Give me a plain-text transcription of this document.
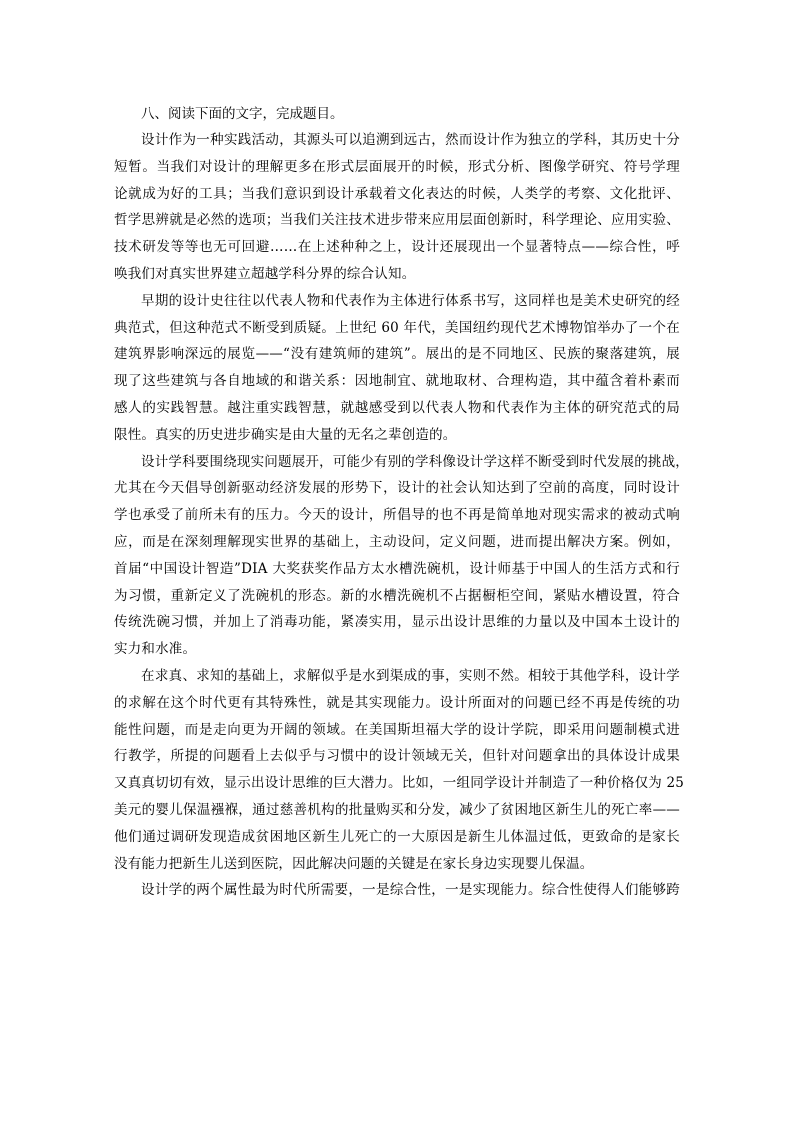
八、阅读下面的文字，完成题目。

设计作为一种实践活动，其源头可以追溯到远古，然而设计作为独立的学科，其历史十分
短暂。当我们对设计的理解更多在形式层面展开的时候，形式分析、图像学研究、符号学理
论就成为好的工具；当我们意识到设计承载着文化表达的时候，人类学的考察、文化批评、
哲学思辨就是必然的选项；当我们关注技术进步带来应用层面创新时，科学理论、应用实验、
技术研发等等也无可回避……在上述种种之上，设计还展现出一个显著特点——综合性，呼
唤我们对真实世界建立超越学科分界的综合认知。

早期的设计史往往以代表人物和代表作为主体进行体系书写，这同样也是美术史研究的经
典范式，但这种范式不断受到质疑。上世纪 60 年代，美国纽约现代艺术博物馆举办了一个在
建筑界影响深远的展览——“没有建筑师的建筑”。展出的是不同地区、民族的聚落建筑，展
现了这些建筑与各自地域的和谐关系：因地制宜、就地取材、合理构造，其中蕴含着朴素而
感人的实践智慧。越注重实践智慧，就越感受到以代表人物和代表作为主体的研究范式的局
限性。真实的历史进步确实是由大量的无名之辈创造的。

设计学科要围绕现实问题展开，可能少有别的学科像设计学这样不断受到时代发展的挑战，
尤其在今天倡导创新驱动经济发展的形势下，设计的社会认知达到了空前的高度，同时设计
学也承受了前所未有的压力。今天的设计，所倡导的也不再是简单地对现实需求的被动式响
应，而是在深刻理解现实世界的基础上，主动设问，定义问题，进而提出解决方案。例如，
首届“中国设计智造”DIA 大奖获奖作品方太水槽洗碗机，设计师基于中国人的生活方式和行
为习惯，重新定义了洗碗机的形态。新的水槽洗碗机不占据橱柜空间，紧贴水槽设置，符合
传统洗碗习惯，并加上了消毒功能，紧凑实用，显示出设计思维的力量以及中国本土设计的
实力和水准。

在求真、求知的基础上，求解似乎是水到渠成的事，实则不然。相较于其他学科，设计学
的求解在这个时代更有其特殊性，就是其实现能力。设计所面对的问题已经不再是传统的功
能性问题，而是走向更为开阔的领域。在美国斯坦福大学的设计学院，即采用问题制模式进
行教学，所提的问题看上去似乎与习惯中的设计领域无关，但针对问题拿出的具体设计成果
又真真切切有效，显示出设计思维的巨大潜力。比如，一组同学设计并制造了一种价格仅为 25
美元的婴儿保温襁褓，通过慈善机构的批量购买和分发，减少了贫困地区新生儿的死亡率——
他们通过调研发现造成贫困地区新生儿死亡的一大原因是新生儿体温过低，更致命的是家长
没有能力把新生儿送到医院，因此解决问题的关键是在家长身边实现婴儿保温。

设计学的两个属性最为时代所需要，一是综合性，一是实现能力。综合性使得人们能够跨
